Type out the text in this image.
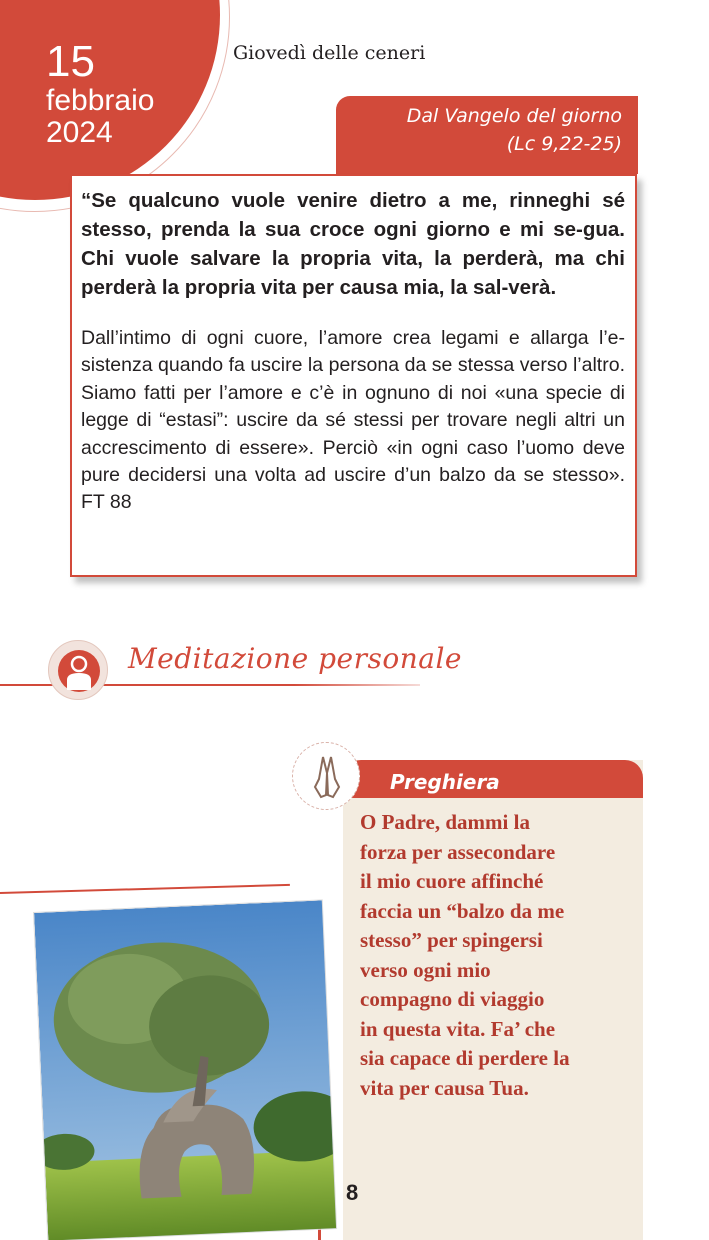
15
febbraio
2024
Giovedì delle ceneri
Dal Vangelo del giorno
(Lc 9,22-25)

“Se qualcuno vuole venire dietro a me, rinneghi sé stesso, prenda la sua croce ogni giorno e mi se-gua. Chi vuole salvare la propria vita, la perderà, ma chi perderà la propria vita per causa mia, la sal-verà.

Dall’intimo di ogni cuore, l’amore crea legami e allarga l’e-sistenza quando fa uscire la persona da se stessa verso l’altro. Siamo fatti per l’amore e c’è in ognuno di noi «una specie di legge di “estasi”: uscire da sé stessi per trovare negli altri un accrescimento di essere». Perciò «in ogni caso l’uomo deve pure decidersi una volta ad uscire d’un balzo da se stesso». FT 88

Meditazione personale
Preghiera
O Padre, dammi la
forza per assecondare
il mio cuore affinché
faccia un “balzo da me
stesso” per spingersi
verso ogni mio
compagno di viaggio
in questa vita. Fa’ che
sia capace di perdere la
vita per causa Tua.
8
